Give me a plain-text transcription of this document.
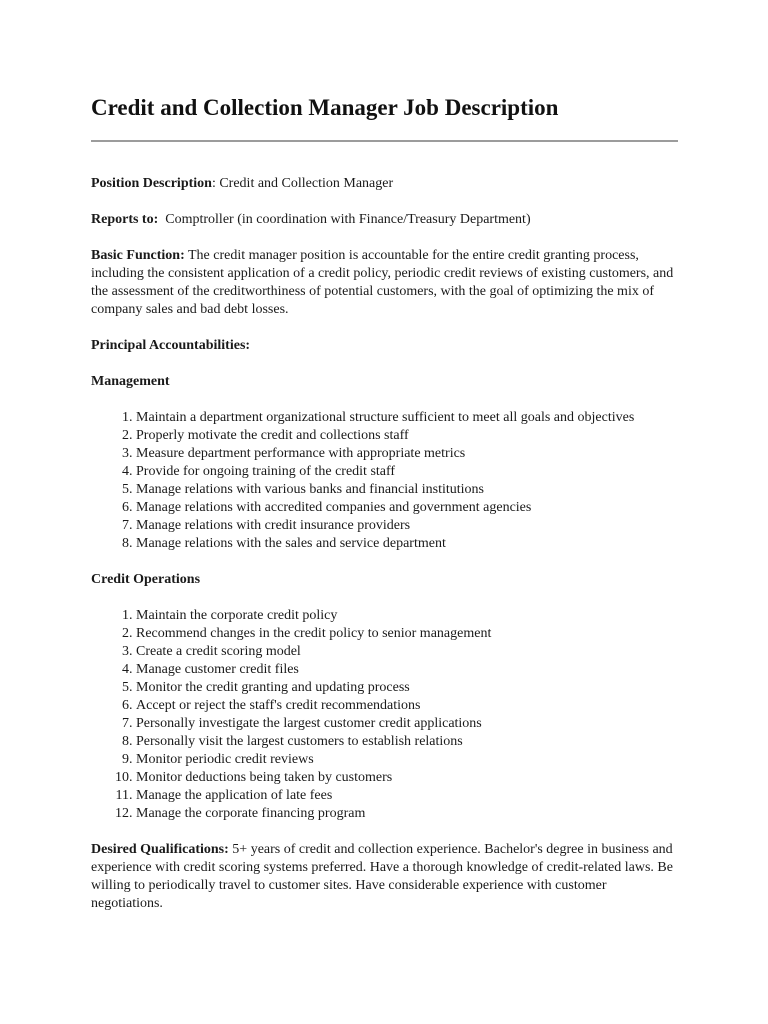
Credit and Collection Manager Job Description

Position Description: Credit and Collection Manager

Reports to:  Comptroller (in coordination with Finance/Treasury Department)

Basic Function: The credit manager position is accountable for the entire credit granting process, including the consistent application of a credit policy, periodic credit reviews of existing customers, and the assessment of the creditworthiness of potential customers, with the goal of optimizing the mix of company sales and bad debt losses.

Principal Accountabilities:

Management

1. Maintain a department organizational structure sufficient to meet all goals and objectives
2. Properly motivate the credit and collections staff
3. Measure department performance with appropriate metrics
4. Provide for ongoing training of the credit staff
5. Manage relations with various banks and financial institutions
6. Manage relations with accredited companies and government agencies
7. Manage relations with credit insurance providers
8. Manage relations with the sales and service department

Credit Operations

1. Maintain the corporate credit policy
2. Recommend changes in the credit policy to senior management
3. Create a credit scoring model
4. Manage customer credit files
5. Monitor the credit granting and updating process
6. Accept or reject the staff's credit recommendations
7. Personally investigate the largest customer credit applications
8. Personally visit the largest customers to establish relations
9. Monitor periodic credit reviews
10. Monitor deductions being taken by customers
11. Manage the application of late fees
12. Manage the corporate financing program

Desired Qualifications: 5+ years of credit and collection experience. Bachelor's degree in business and experience with credit scoring systems preferred. Have a thorough knowledge of credit-related laws. Be willing to periodically travel to customer sites. Have considerable experience with customer negotiations.
